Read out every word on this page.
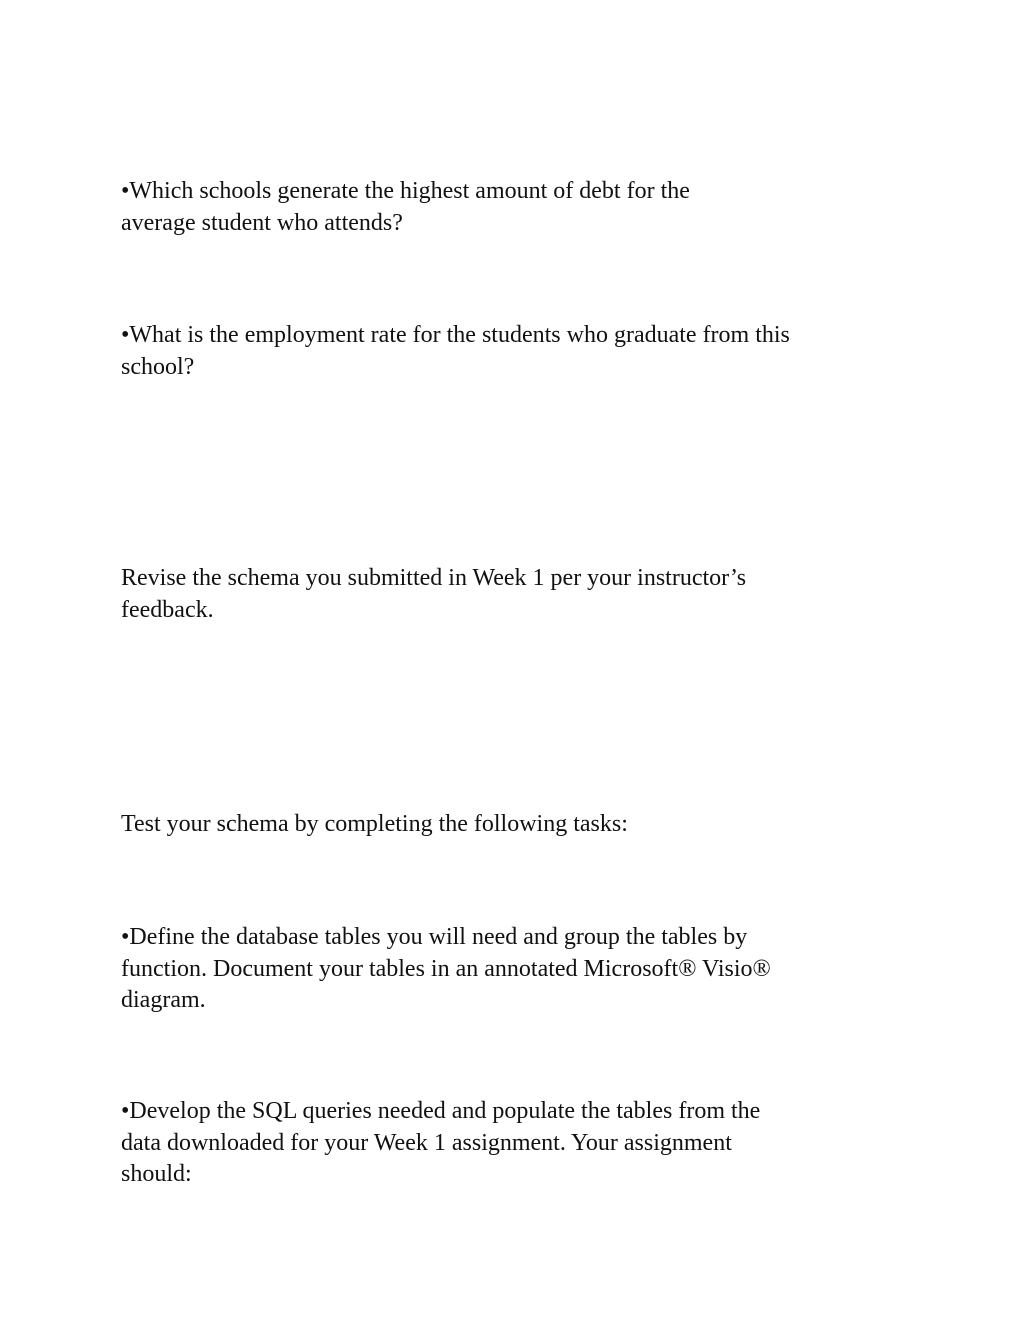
•Which schools generate the highest amount of debt for the
average student who attends?

•What is the employment rate for the students who graduate from this
school?

Revise the schema you submitted in Week 1 per your instructor’s
feedback.

Test your schema by completing the following tasks:

•Define the database tables you will need and group the tables by
function. Document your tables in an annotated Microsoft® Visio®
diagram.

•Develop the SQL queries needed and populate the tables from the
data downloaded for your Week 1 assignment. Your assignment
should:
